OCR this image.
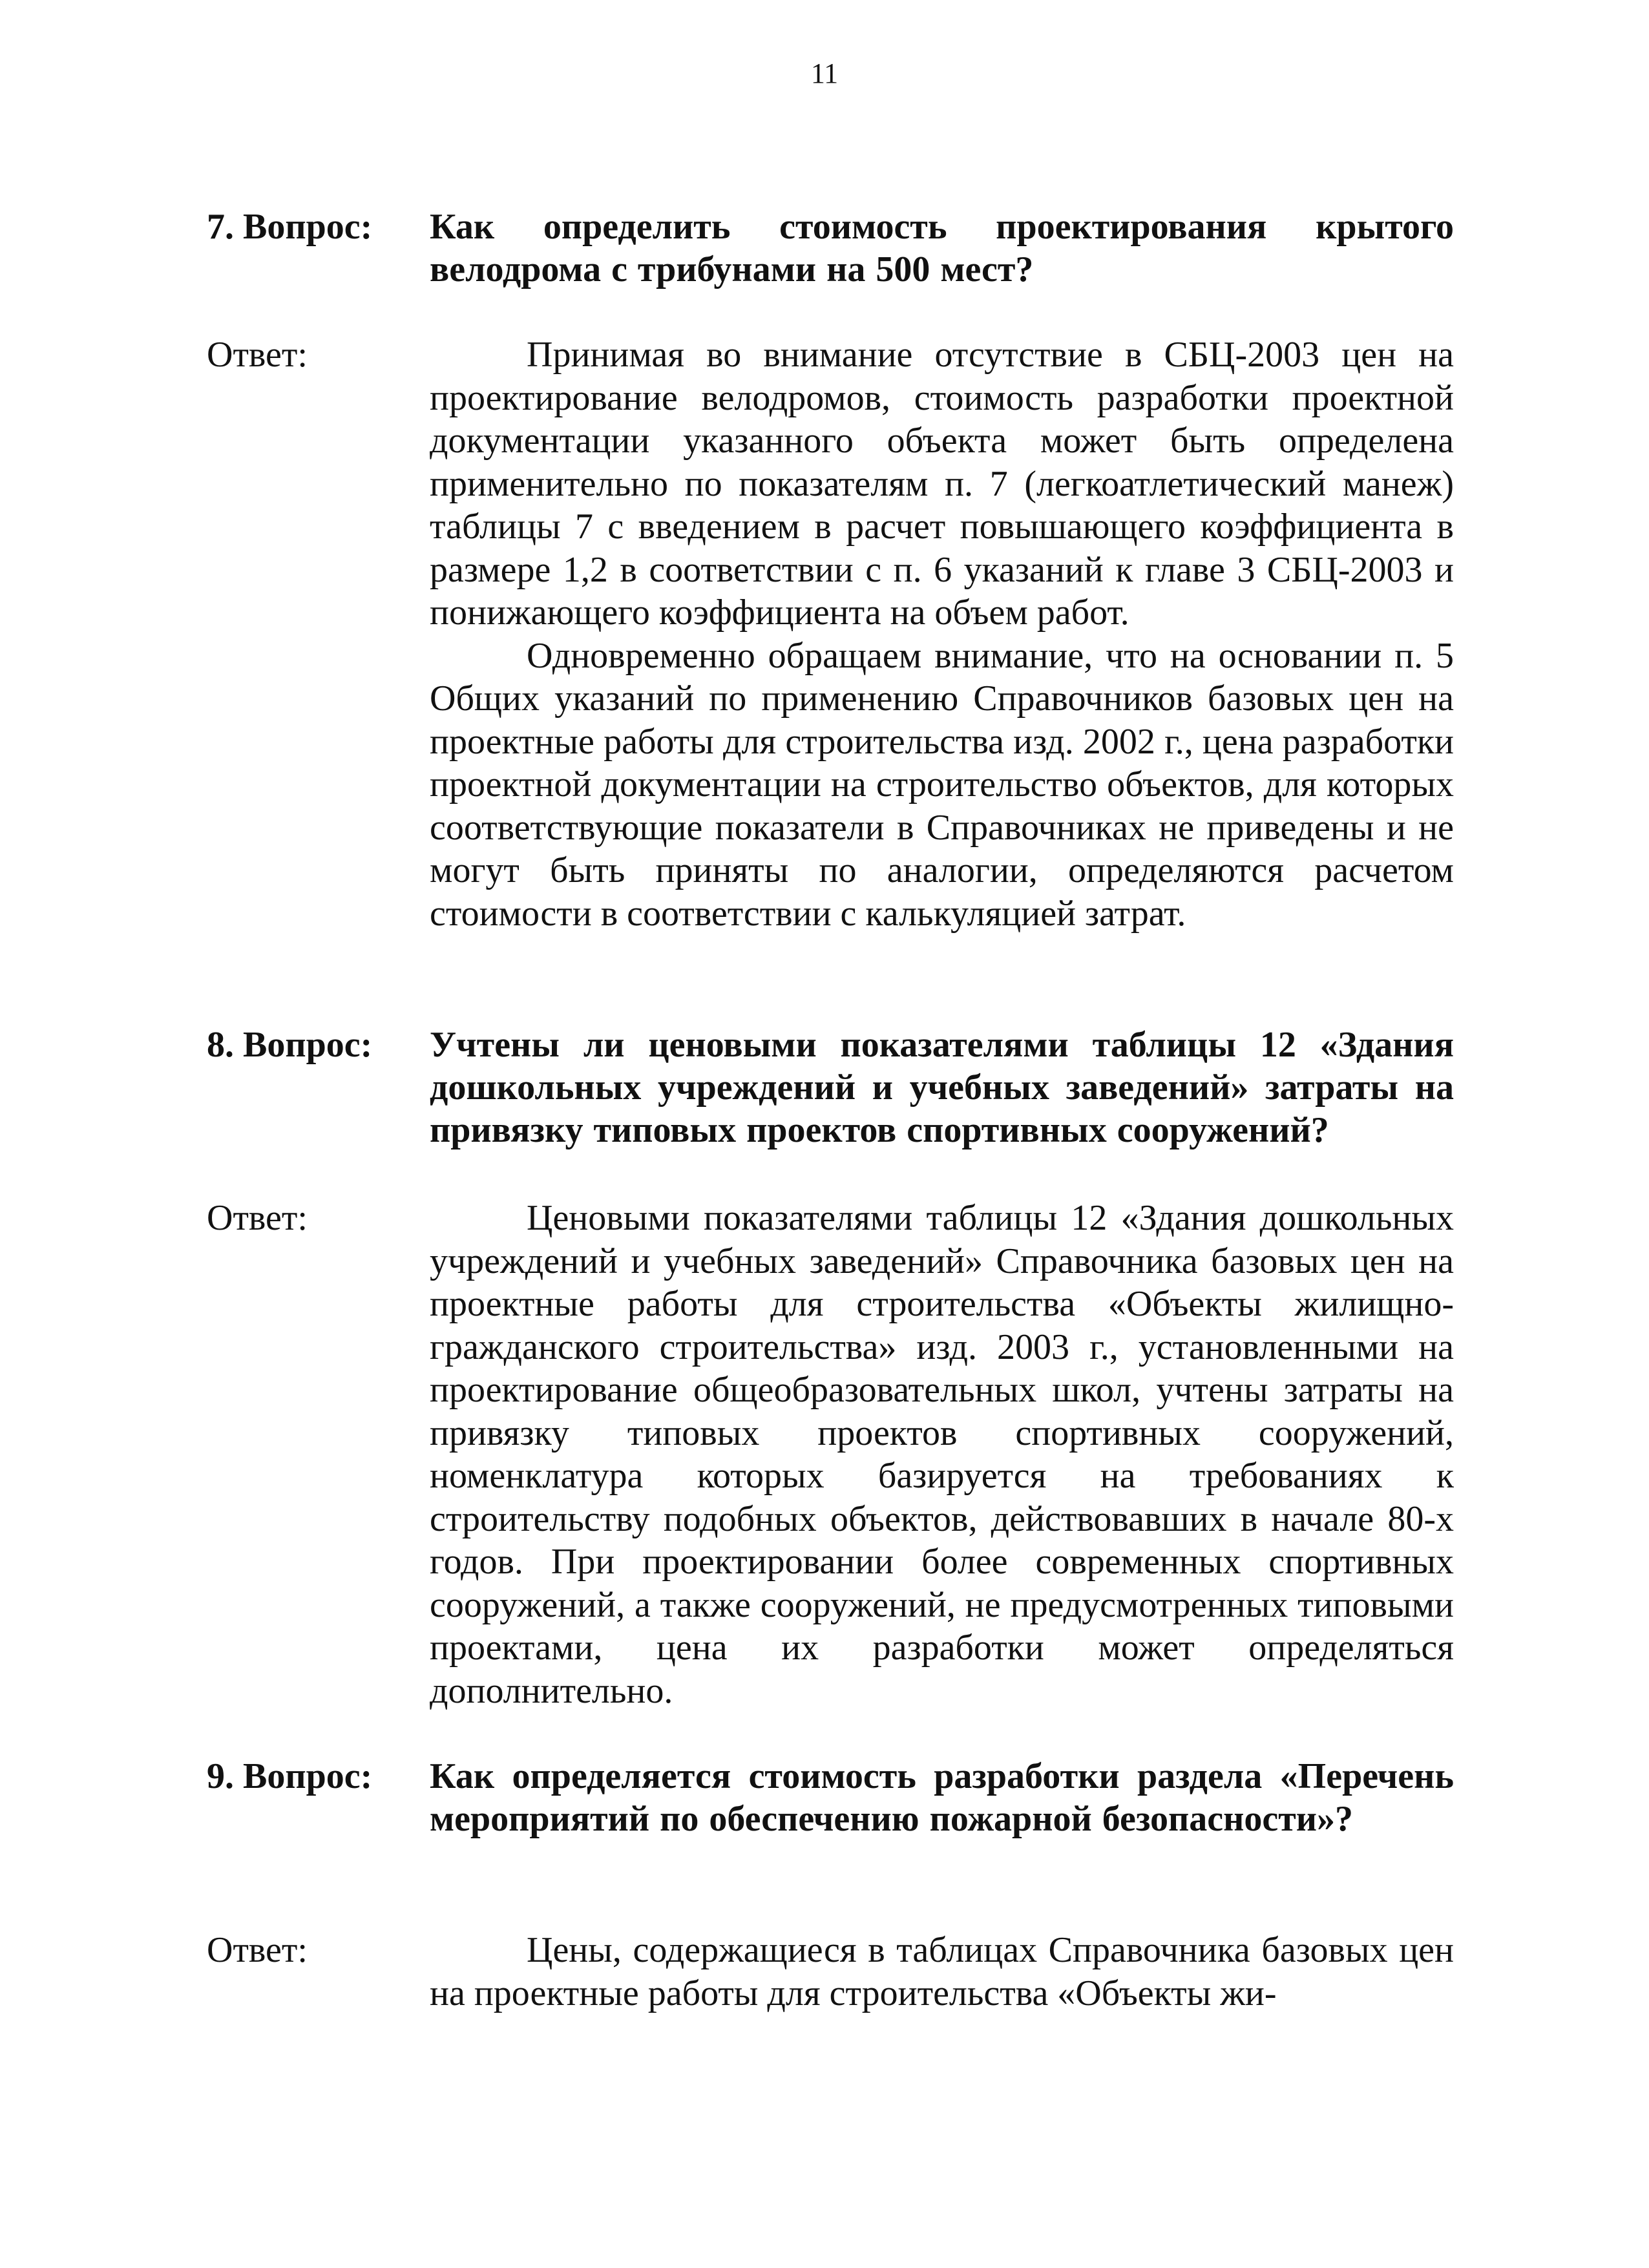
11
7. Вопрос:	Как определить стоимость проектирования крытого велодрома с трибунами на 500 мест?
Ответ:	Принимая во внимание отсутствие в СБЦ-2003 цен на проектирование велодромов, стоимость разработки проектной документации указанного объекта может быть определена применительно по показателям п. 7 (легкоатлетический манеж) таблицы 7 с введением в расчет повышающего коэффициента в размере 1,2 в соответствии с п. 6 указаний к главе 3 СБЦ-2003 и понижающего коэффициента на объем работ.

Одновременно обращаем внимание, что на основании п. 5 Общих указаний по применению Справочников базовых цен на проектные работы для строительства изд. 2002 г., цена разработки проектной документации на строительство объектов, для которых соответствующие показатели в Справочниках не приведены и не могут быть приняты по аналогии, определяются расчетом стоимости в соответствии с калькуляцией затрат.

8. Вопрос:	Учтены ли ценовыми показателями таблицы 12 «Здания дошкольных учреждений и учебных заведений» затраты на привязку типовых проектов спортивных сооружений?
Ответ:	Ценовыми показателями таблицы 12 «Здания дошкольных учреждений и учебных заведений» Справочника базовых цен на проектные работы для строительства «Объекты жилищно-гражданского строительства» изд. 2003 г., установленными на проектирование общеобразовательных школ, учтены затраты на привязку типовых проектов спортивных сооружений, номенклатура которых базируется на требованиях к строительству подобных объектов, действовавших в начале 80-х годов. При проектировании более современных спортивных сооружений, а также сооружений, не предусмотренных типовыми проектами, цена их разработки может определяться дополнительно.

9. Вопрос:	Как определяется стоимость разработки раздела «Перечень мероприятий по обеспечению пожарной безопасности»?
Ответ:	Цены, содержащиеся в таблицах Справочника базовых цен на проектные работы для строительства «Объекты жи-
